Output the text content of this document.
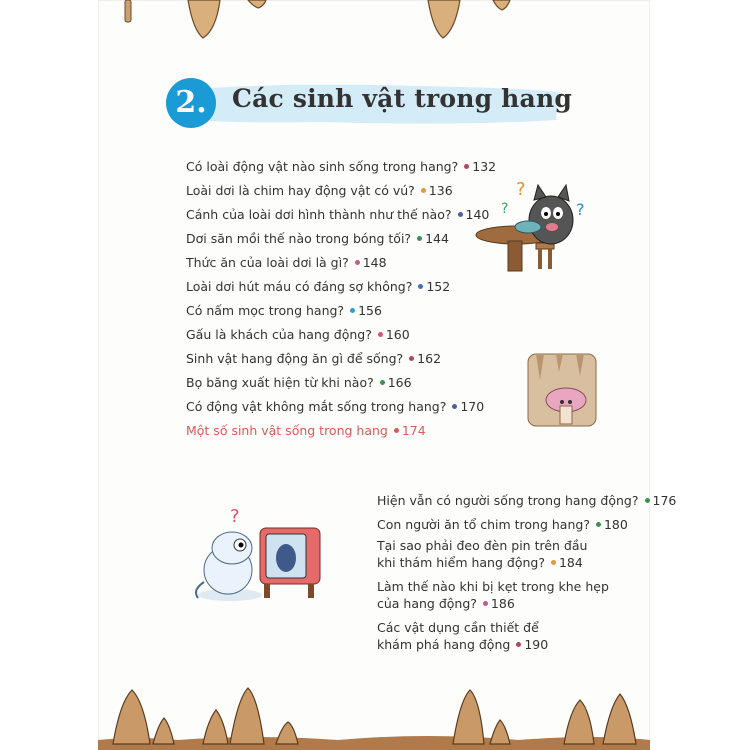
2.	Các sinh vật trong hang
Có loài động vật nào sinh sống trong hang? 132
Loài dơi là chim hay động vật có vú? 136
Cánh của loài dơi hình thành như thế nào? 140
Dơi săn mồi thế nào trong bóng tối? 144
Thức ăn của loài dơi là gì? 148
Loài dơi hút máu có đáng sợ không? 152
Có nấm mọc trong hang? 156
Gấu là khách của hang động? 160
Sinh vật hang động ăn gì để sống? 162
Bọ băng xuất hiện từ khi nào? 166
Có động vật không mắt sống trong hang? 170
Một số sinh vật sống trong hang 174
?
?	?
?
Hiện vẫn có người sống trong hang động? 176
Con người ăn tổ chim trong hang? 180
Tại sao phải đeo đèn pin trên đầu
khi thám hiểm hang động? 184
Làm thế nào khi bị kẹt trong khe hẹp
của hang động? 186
Các vật dụng cần thiết để
khám phá hang động 190
